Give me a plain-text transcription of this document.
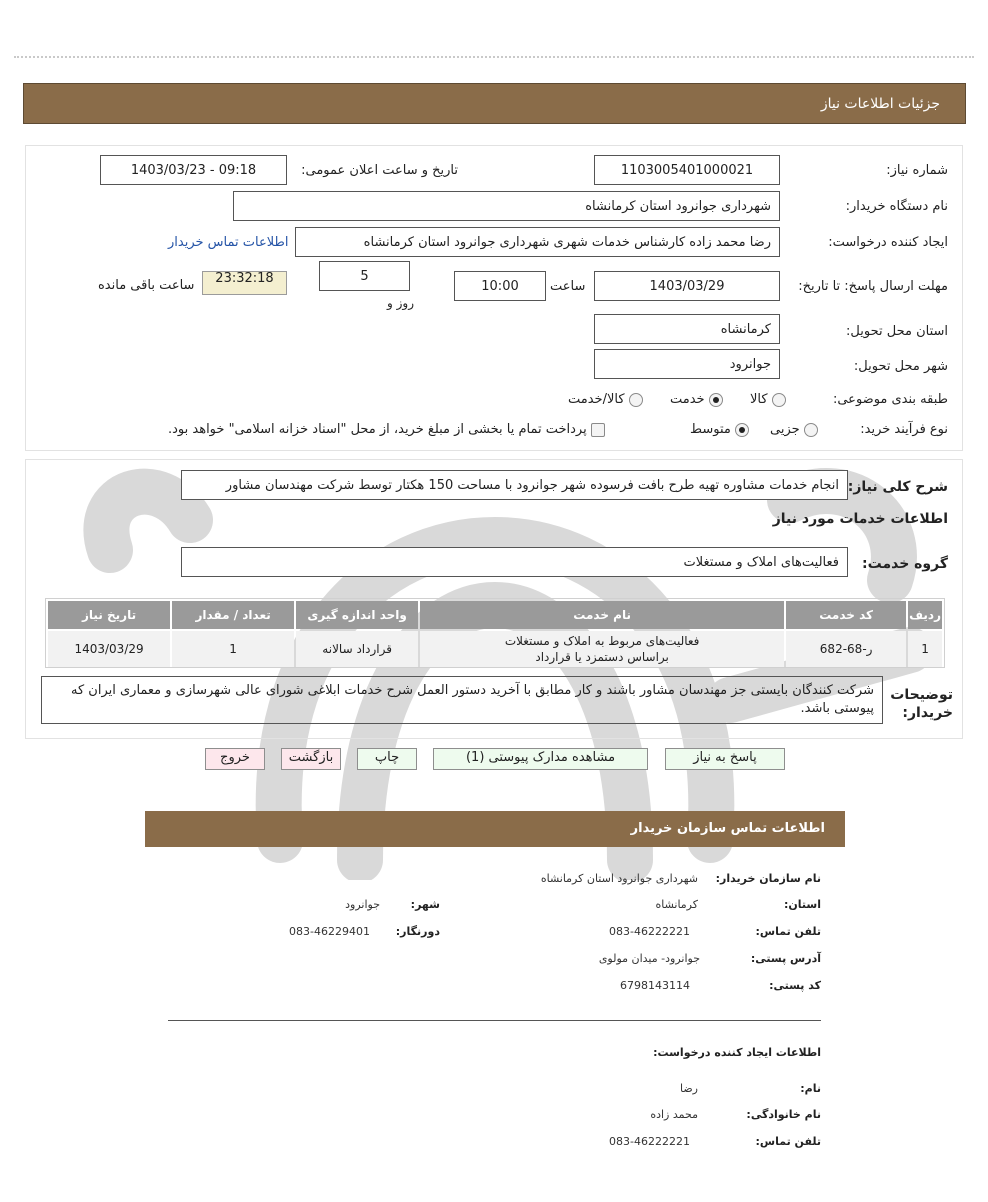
جزئیات اطلاعات نیاز
شماره نیاز:
1103005401000021
تاریخ و ساعت اعلان عمومی:
1403/03/23 - 09:18
نام دستگاه خریدار:
شهرداری جوانرود استان کرمانشاه
ایجاد کننده درخواست:
رضا محمد زاده کارشناس خدمات شهری شهرداری جوانرود استان کرمانشاه
اطلاعات تماس خریدار
مهلت ارسال پاسخ: تا تاریخ:
1403/03/29
ساعت
10:00
5
روز و
23:32:18
ساعت باقی مانده
استان محل تحویل:
کرمانشاه
شهر محل تحویل:
جوانرود
طبقه بندی موضوعی:
کالا
خدمت
کالا/خدمت
نوع فرآیند خرید:
جزیی
متوسط
پرداخت تمام یا بخشی از مبلغ خرید، از محل "اسناد خزانه اسلامی" خواهد بود.
شرح کلی نیاز:
انجام خدمات مشاوره تهیه طرح بافت فرسوده شهر جوانرود با مساحت 150 هکتار توسط شرکت مهندسان مشاور
اطلاعات خدمات مورد نیاز
گروه خدمت:
فعالیت‌های املاک و مستغلات
ردیف	کد خدمت	نام خدمت	واحد اندازه گیری	تعداد / مقدار	تاریخ نیاز
1	ر-68-682	فعالیت‌های مربوط به املاک و مستغلات
براساس دستمزد یا قرارداد	قرارداد سالانه	1	1403/03/29
توضیحات
خریدار:
شرکت کنندگان بایستی جز مهندسان مشاور باشند و کار مطابق با آخرید دستور العمل شرح خدمات ابلاغی شورای عالی شهرسازی و معماری ایران که پیوستی باشد.
پاسخ به نیاز
مشاهده مدارک پیوستی (1)
چاپ
بازگشت
خروج
اطلاعات تماس سازمان خریدار
نام سازمان خریدار:
شهرداری جوانرود استان کرمانشاه
استان:
کرمانشاه
شهر:
جوانرود
تلفن تماس:
083-46222221
دورنگار:
083-46229401
آدرس پستی:
جوانرود- میدان مولوی
کد پستی:
6798143114
اطلاعات ایجاد کننده درخواست:
نام:
رضا
نام خانوادگی:
محمد زاده
تلفن تماس:
083-46222221
